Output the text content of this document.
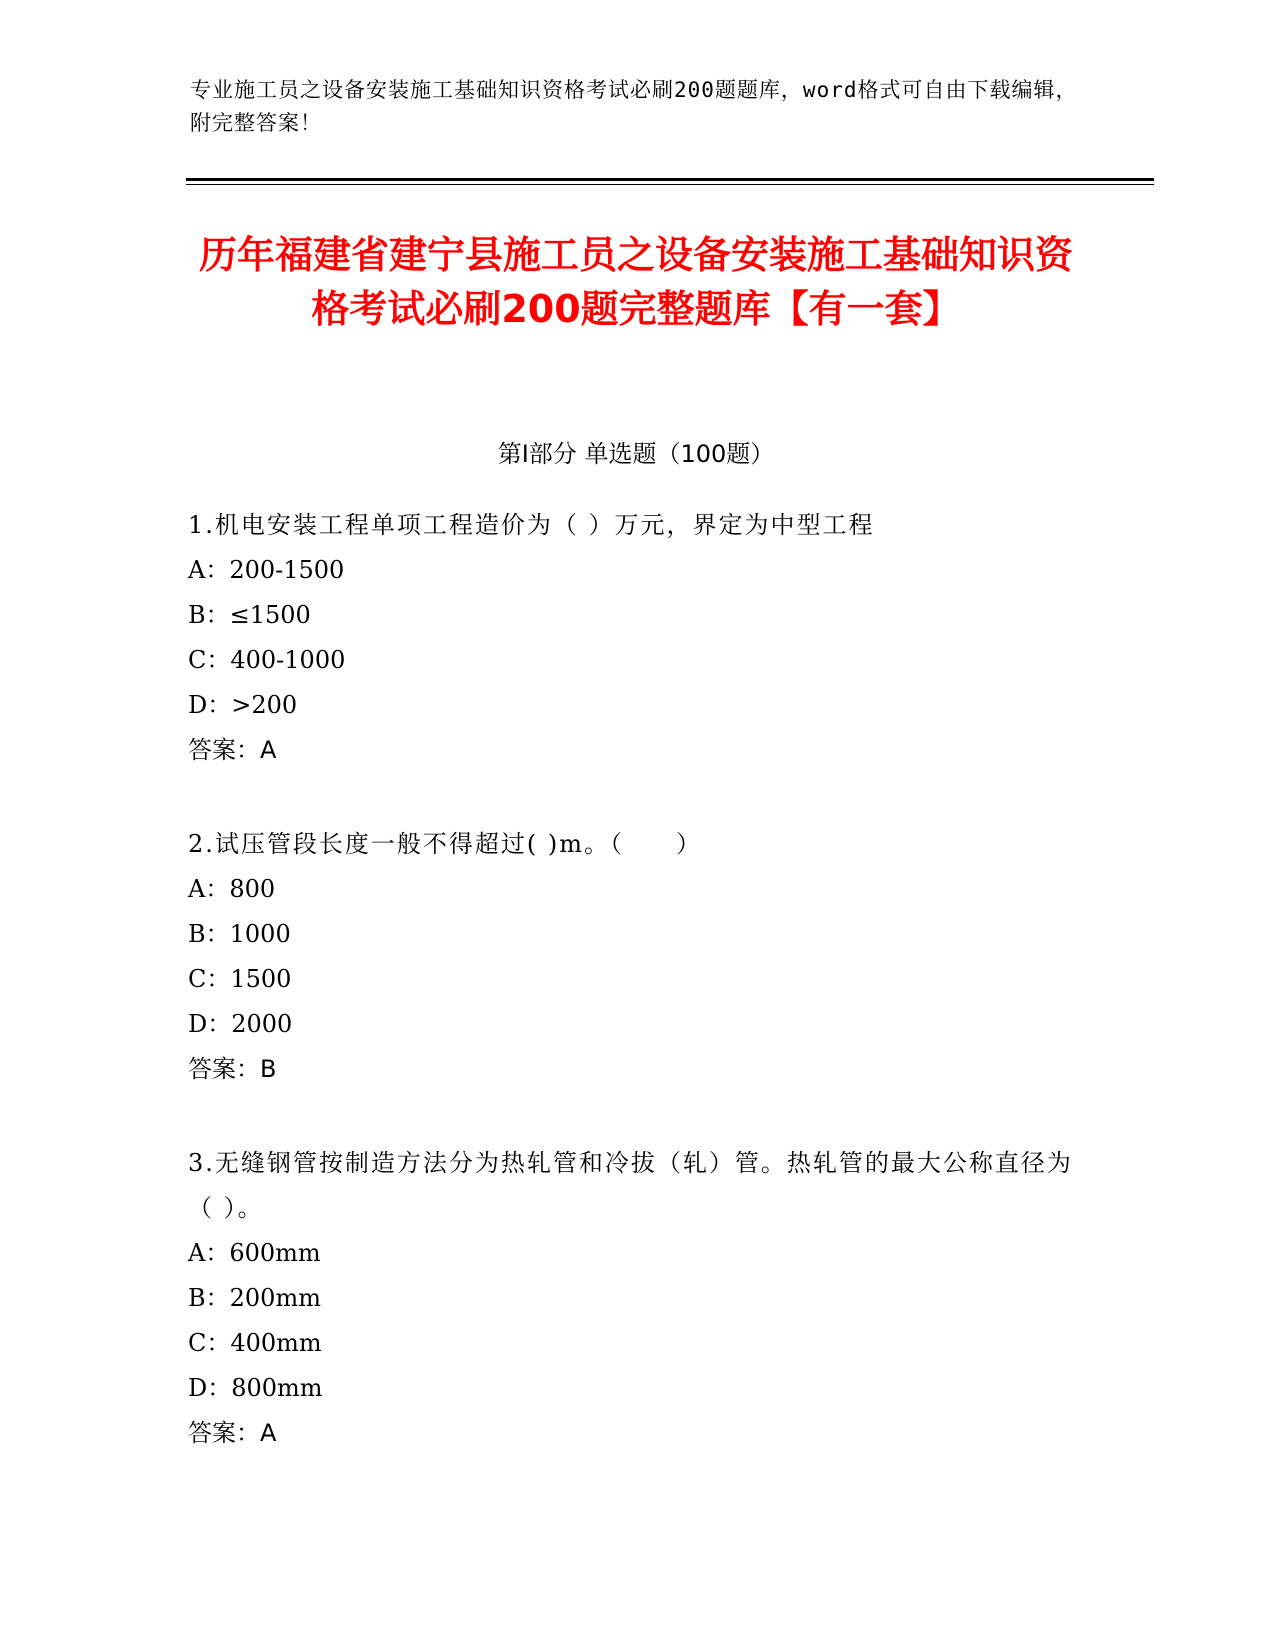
专业施工员之设备安装施工基础知识资格考试必刷200题题库，word格式可自由下载编辑，附完整答案！
历年福建省建宁县施工员之设备安装施工基础知识资格考试必刷200题完整题库【有一套】
第Ⅰ部分 单选题（100题）
1.机电安装工程单项工程造价为（ ）万元，界定为中型工程
A：200-1500
B：≤1500
C：400-1000
D：>200
答案：A
2.试压管段长度一般不得超过( )m。（　　）
A：800
B：1000
C：1500
D：2000
答案：B
3.无缝钢管按制造方法分为热轧管和冷拔（轧）管。热轧管的最大公称直径为（ ）。
A：600mm
B：200mm
C：400mm
D：800mm
答案：A
